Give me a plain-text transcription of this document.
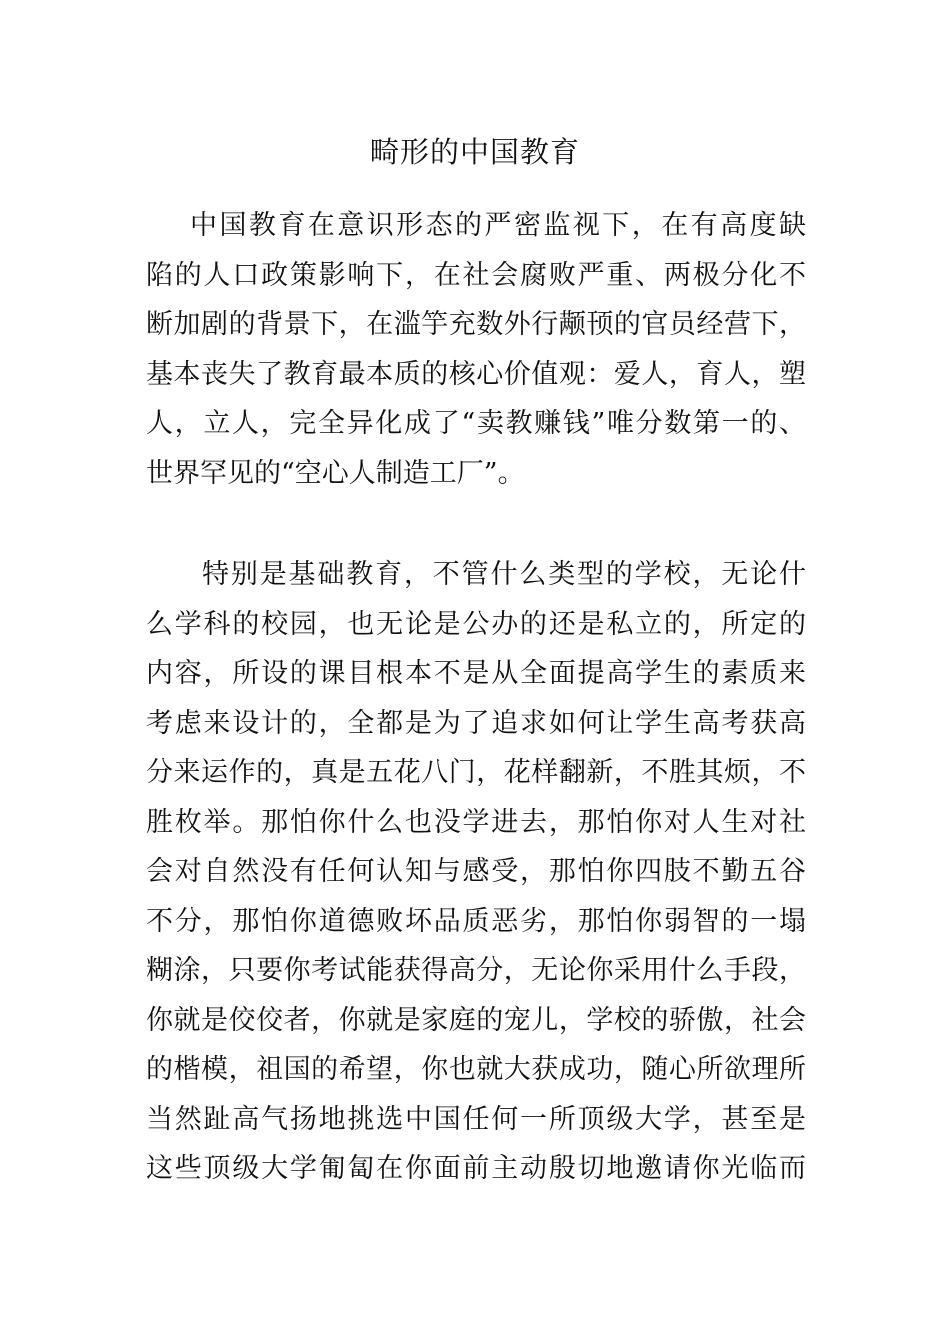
畸形的中国教育
中国教育在意识形态的严密监视下，在有高度缺
陷的人口政策影响下，在社会腐败严重、两极分化不
断加剧的背景下，在滥竽充数外行颟顸的官员经营下，
基本丧失了教育最本质的核心价值观：爱人，育人，塑
人，立人，完全异化成了“卖教赚钱”唯分数第一的、
世界罕见的“空心人制造工厂”。
特别是基础教育，不管什么类型的学校，无论什
么学科的校园，也无论是公办的还是私立的，所定的
内容，所设的课目根本不是从全面提高学生的素质来
考虑来设计的，全都是为了追求如何让学生高考获高
分来运作的，真是五花八门，花样翻新，不胜其烦，不
胜枚举。那怕你什么也没学进去，那怕你对人生对社
会对自然没有任何认知与感受，那怕你四肢不勤五谷
不分，那怕你道德败坏品质恶劣，那怕你弱智的一塌
糊涂，只要你考试能获得高分，无论你采用什么手段，
你就是佼佼者，你就是家庭的宠儿，学校的骄傲，社会
的楷模，祖国的希望，你也就大获成功，随心所欲理所
当然趾高气扬地挑选中国任何一所顶级大学，甚至是
这些顶级大学匍匐在你面前主动殷切地邀请你光临而
